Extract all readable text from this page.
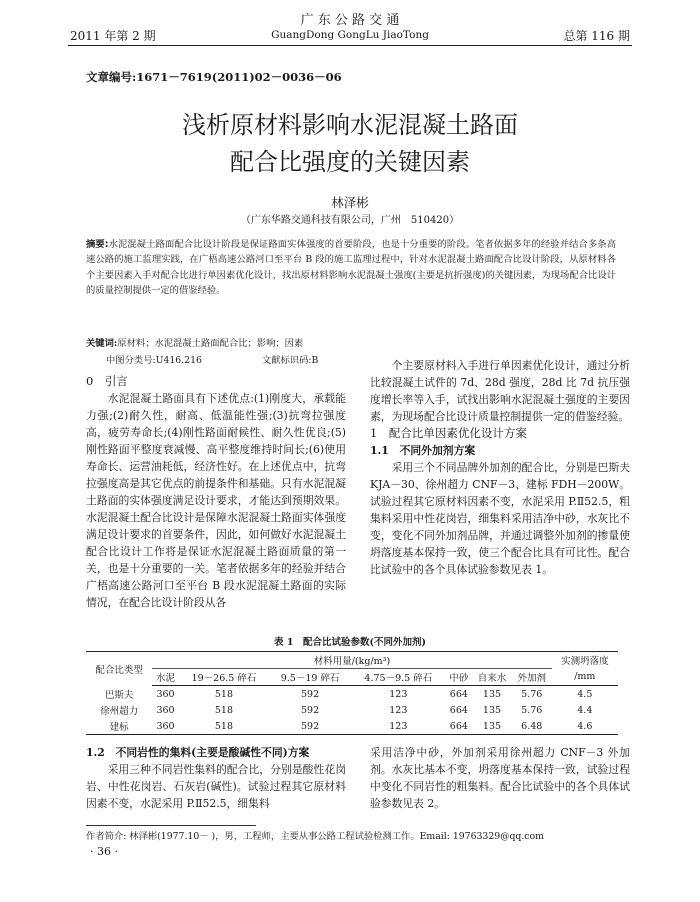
2011 年第 2 期
广 东 公 路 交 通
GuangDong GongLu JiaoTong	总第 116 期
文章编号:1671－7619(2011)02－0036－06
浅析原材料影响水泥混凝土路面
配合比强度的关键因素
林泽彬
（广东华路交通科技有限公司，广州　510420）
摘要:水泥混凝土路面配合比设计阶段是保证路面实体强度的首要阶段，也是十分重要的阶段。笔者依据多年的经验并结合多条高速公路的施工监理实践，在广梧高速公路河口至平台 B 段的施工监理过程中，针对水泥混凝土路面配合比设计阶段，从原材料各个主要因素入手对配合比进行单因素优化设计，找出原材料影响水泥混凝土强度(主要是抗折强度)的关键因素，为现场配合比设计的质量控制提供一定的借鉴经验。
关键词:原材料；水泥混凝土路面配合比；影响；因素
中图分类号:U416.216	文献标识码:B

0　引言

水泥混凝土路面具有下述优点:(1)刚度大，承载能力强;(2)耐久性，耐高、低温能性强;(3)抗弯拉强度高，疲劳寿命长;(4)刚性路面耐候性、耐久性优良;(5)刚性路面平整度衰减慢、高平整度维持时间长;(6)使用寿命长、运营油耗低，经济性好。在上述优点中，抗弯拉强度高是其它优点的前提条件和基础。只有水泥混凝土路面的实体强度满足设计要求，才能达到预期效果。水泥混凝土配合比设计是保障水泥混凝土路面实体强度满足设计要求的首要条件，因此，如何做好水泥混凝土配合比设计工作将是保证水泥混凝土路面质量的第一关，也是十分重要的一关。笔者依据多年的经验并结合广梧高速公路河口至平台 B 段水泥混凝土路面的实际情况，在配合比设计阶段从各

个主要原材料入手进行单因素优化设计，通过分析比较混凝土试件的 7d、28d 强度，28d 比 7d 抗压强度增长率等入手，试找出影响水泥混凝土强度的主要因素，为现场配合比设计质量控制提供一定的借鉴经验。

1　配合比单因素优化设计方案

1.1　不同外加剂方案

采用三个不同品牌外加剂的配合比，分别是巴斯夫 KJA－30、徐州超力 CNF－3、建标 FDH－200W。试验过程其它原材料因素不变，水泥采用 P.Ⅱ52.5，粗集料采用中性花岗岩，细集料采用洁净中砂，水灰比不变，变化不同外加剂品牌，并通过调整外加剂的掺量使坍落度基本保持一致，使三个配合比具有可比性。配合比试验中的各个具体试验参数见表 1。

表 1　配合比试验参数(不同外加剂)
配合比类型	材料用量/(kg/m³)							实测坍落度
	水泥	19－26.5 碎石	9.5－19 碎石	4.75－9.5 碎石	中砂	自来水	外加剂	/mm
巴斯夫	360	518	592	123	664	135	5.76	4.5
徐州超力	360	518	592	123	664	135	5.76	4.4
建标	360	518	592	123	664	135	6.48	4.6

1.2　不同岩性的集料(主要是酸碱性不同)方案

采用三种不同岩性集料的配合比，分别是酸性花岗岩、中性花岗岩、石灰岩(碱性)。试验过程其它原材料因素不变，水泥采用 P.Ⅱ52.5，细集料

采用洁净中砂，外加剂采用徐州超力 CNF－3 外加剂。水灰比基本不变，坍落度基本保持一致，试验过程中变化不同岩性的粗集料。配合比试验中的各个具体试验参数见表 2。

作者简介: 林泽彬(1977.10－ )，男，工程师，主要从事公路工程试验检测工作。Email: 19763329@qq.com
· 36 ·
